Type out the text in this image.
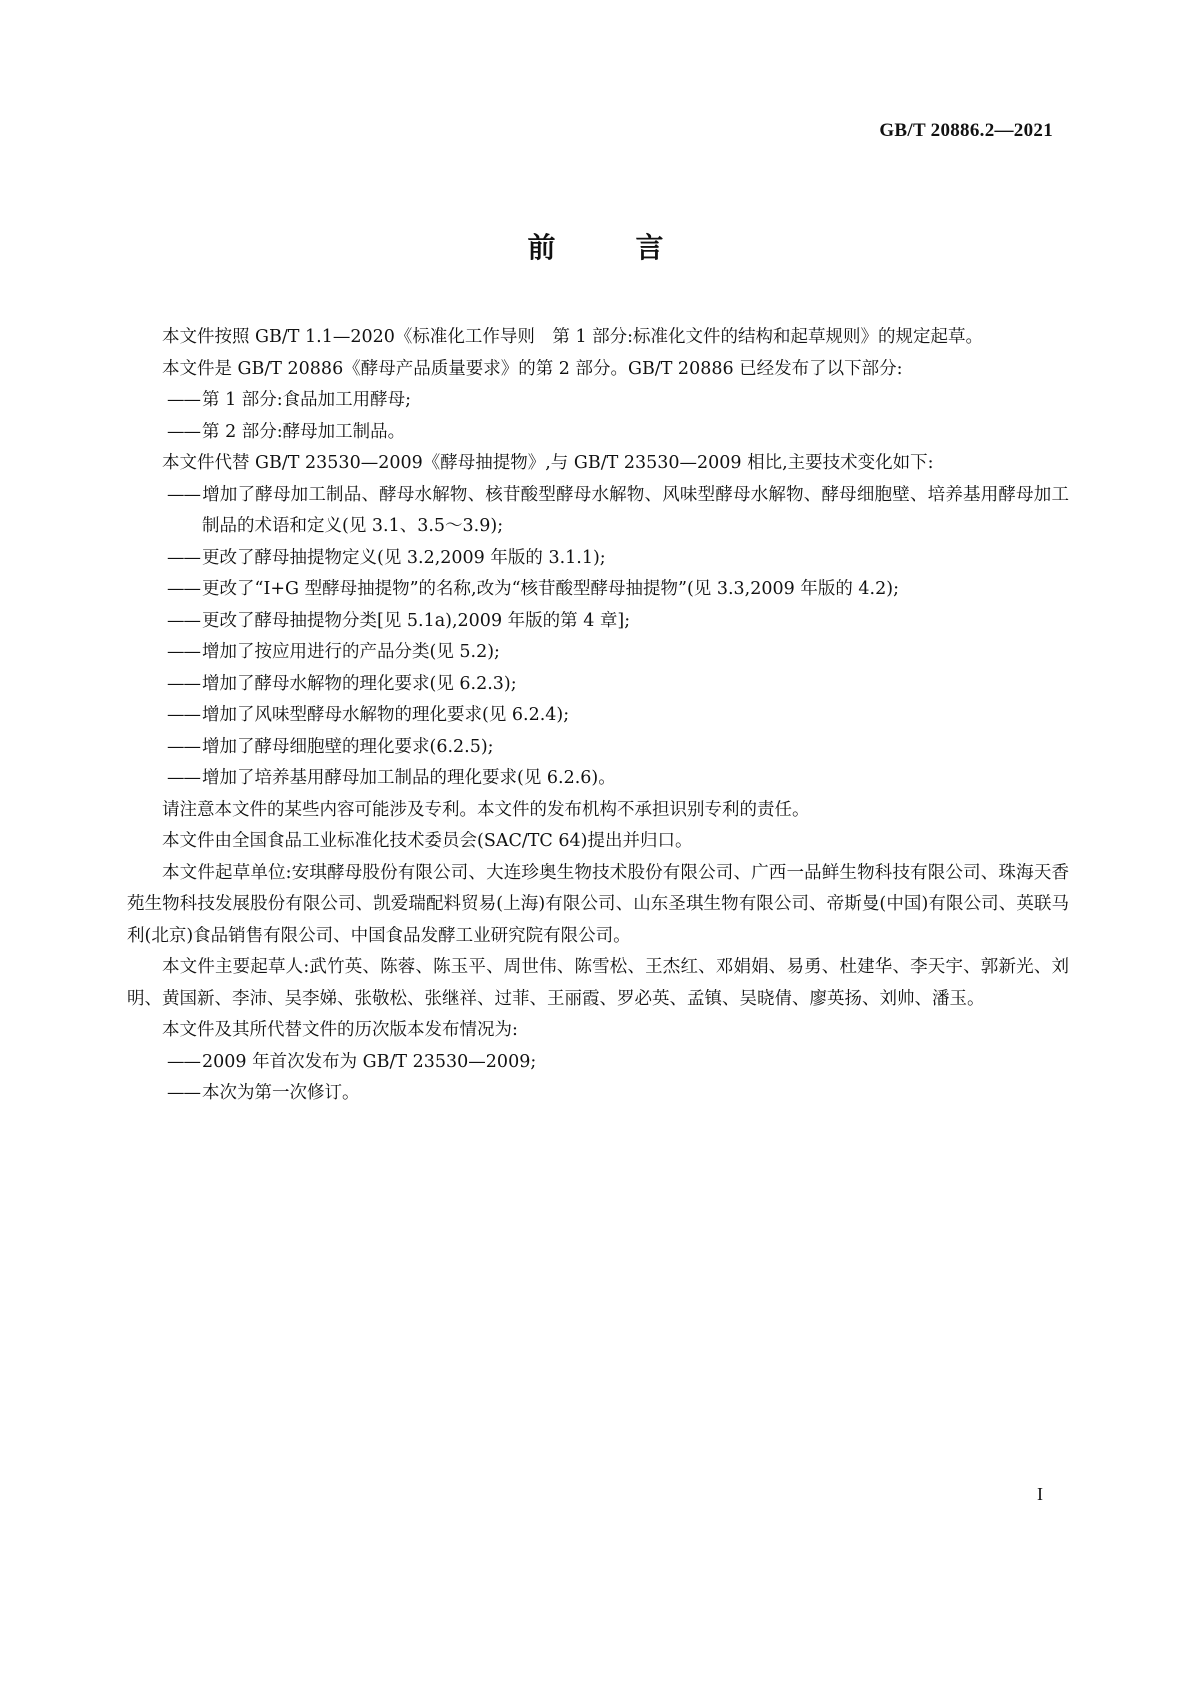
GB/T 20886.2—2021
前　言

本文件按照 GB/T 1.1—2020《标准化工作导则　第 1 部分:标准化文件的结构和起草规则》的规定起草。

本文件是 GB/T 20886《酵母产品质量要求》的第 2 部分。GB/T 20886 已经发布了以下部分:

—— 第 1 部分:食品加工用酵母;

—— 第 2 部分:酵母加工制品。

本文件代替 GB/T 23530—2009《酵母抽提物》,与 GB/T 23530—2009 相比,主要技术变化如下:

—— 增加了酵母加工制品、酵母水解物、核苷酸型酵母水解物、风味型酵母水解物、酵母细胞壁、培养基用酵母加工制品的术语和定义(见 3.1、3.5～3.9);

—— 更改了酵母抽提物定义(见 3.2,2009 年版的 3.1.1);

—— 更改了“I+G 型酵母抽提物”的名称,改为“核苷酸型酵母抽提物”(见 3.3,2009 年版的 4.2);

—— 更改了酵母抽提物分类[见 5.1a),2009 年版的第 4 章];

—— 增加了按应用进行的产品分类(见 5.2);

—— 增加了酵母水解物的理化要求(见 6.2.3);

—— 增加了风味型酵母水解物的理化要求(见 6.2.4);

—— 增加了酵母细胞壁的理化要求(6.2.5);

—— 增加了培养基用酵母加工制品的理化要求(见 6.2.6)。

请注意本文件的某些内容可能涉及专利。本文件的发布机构不承担识别专利的责任。

本文件由全国食品工业标准化技术委员会(SAC/TC 64)提出并归口。

本文件起草单位:安琪酵母股份有限公司、大连珍奥生物技术股份有限公司、广西一品鲜生物科技有限公司、珠海天香苑生物科技发展股份有限公司、凯爱瑞配料贸易(上海)有限公司、山东圣琪生物有限公司、帝斯曼(中国)有限公司、英联马利(北京)食品销售有限公司、中国食品发酵工业研究院有限公司。

本文件主要起草人:武竹英、陈蓉、陈玉平、周世伟、陈雪松、王杰红、邓娟娟、易勇、杜建华、李天宇、郭新光、刘明、黄国新、李沛、吴李娣、张敬松、张继祥、过菲、王丽霞、罗必英、孟镇、吴晓倩、廖英扬、刘帅、潘玉。

本文件及其所代替文件的历次版本发布情况为:

—— 2009 年首次发布为 GB/T 23530—2009;

—— 本次为第一次修订。

I
